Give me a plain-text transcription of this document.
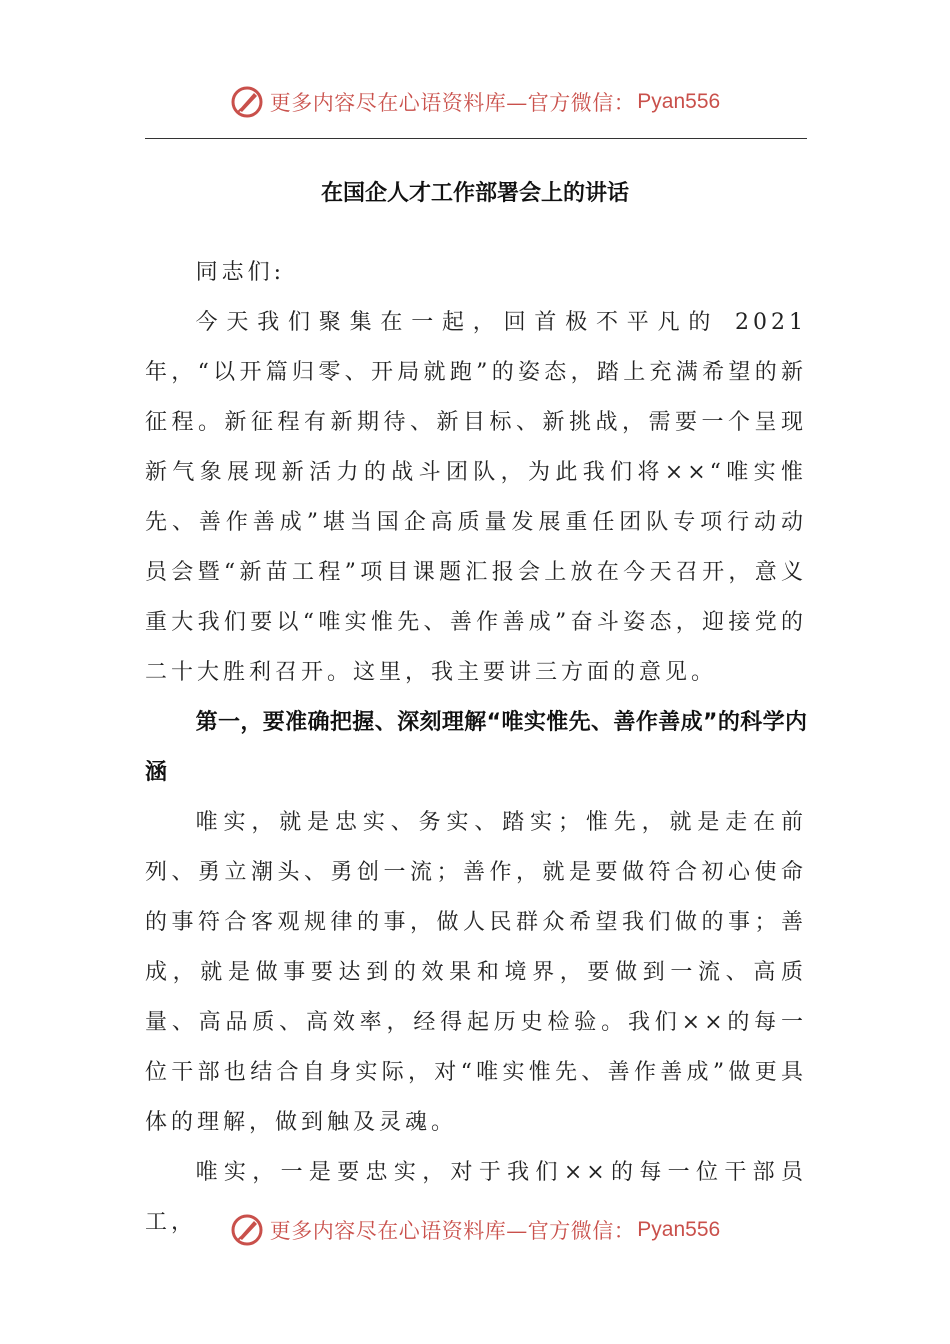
更多内容尽在心语资料库—官方微信： Pyan556
在国企人才工作部署会上的讲话

同志们:

今天我们聚集在一起，回首极不平凡的 2021 年，“以开篇归零、开局就跑”的姿态，踏上充满希望的新征程。新征程有新期待、新目标、新挑战，需要一个呈现新气象展现新活力的战斗团队，为此我们将××“唯实惟先、善作善成”堪当国企高质量发展重任团队专项行动动员会暨“新苗工程”项目课题汇报会上放在今天召开，意义重大我们要以“唯实惟先、善作善成”奋斗姿态，迎接党的二十大胜利召开。这里，我主要讲三方面的意见。

第一，要准确把握、深刻理解“唯实惟先、善作善成”的科学内涵

唯实，就是忠实、务实、踏实；惟先，就是走在前列、勇立潮头、勇创一流；善作，就是要做符合初心使命的事符合客观规律的事，做人民群众希望我们做的事；善成，就是做事要达到的效果和境界，要做到一流、高质量、高品质、高效率，经得起历史检验。我们××的每一位干部也结合自身实际，对“唯实惟先、善作善成”做更具体的理解，做到触及灵魂。

唯实，一是要忠实，对于我们××的每一位干部员工，	更多内容尽在心语资料库—官方微信： Pyan556
